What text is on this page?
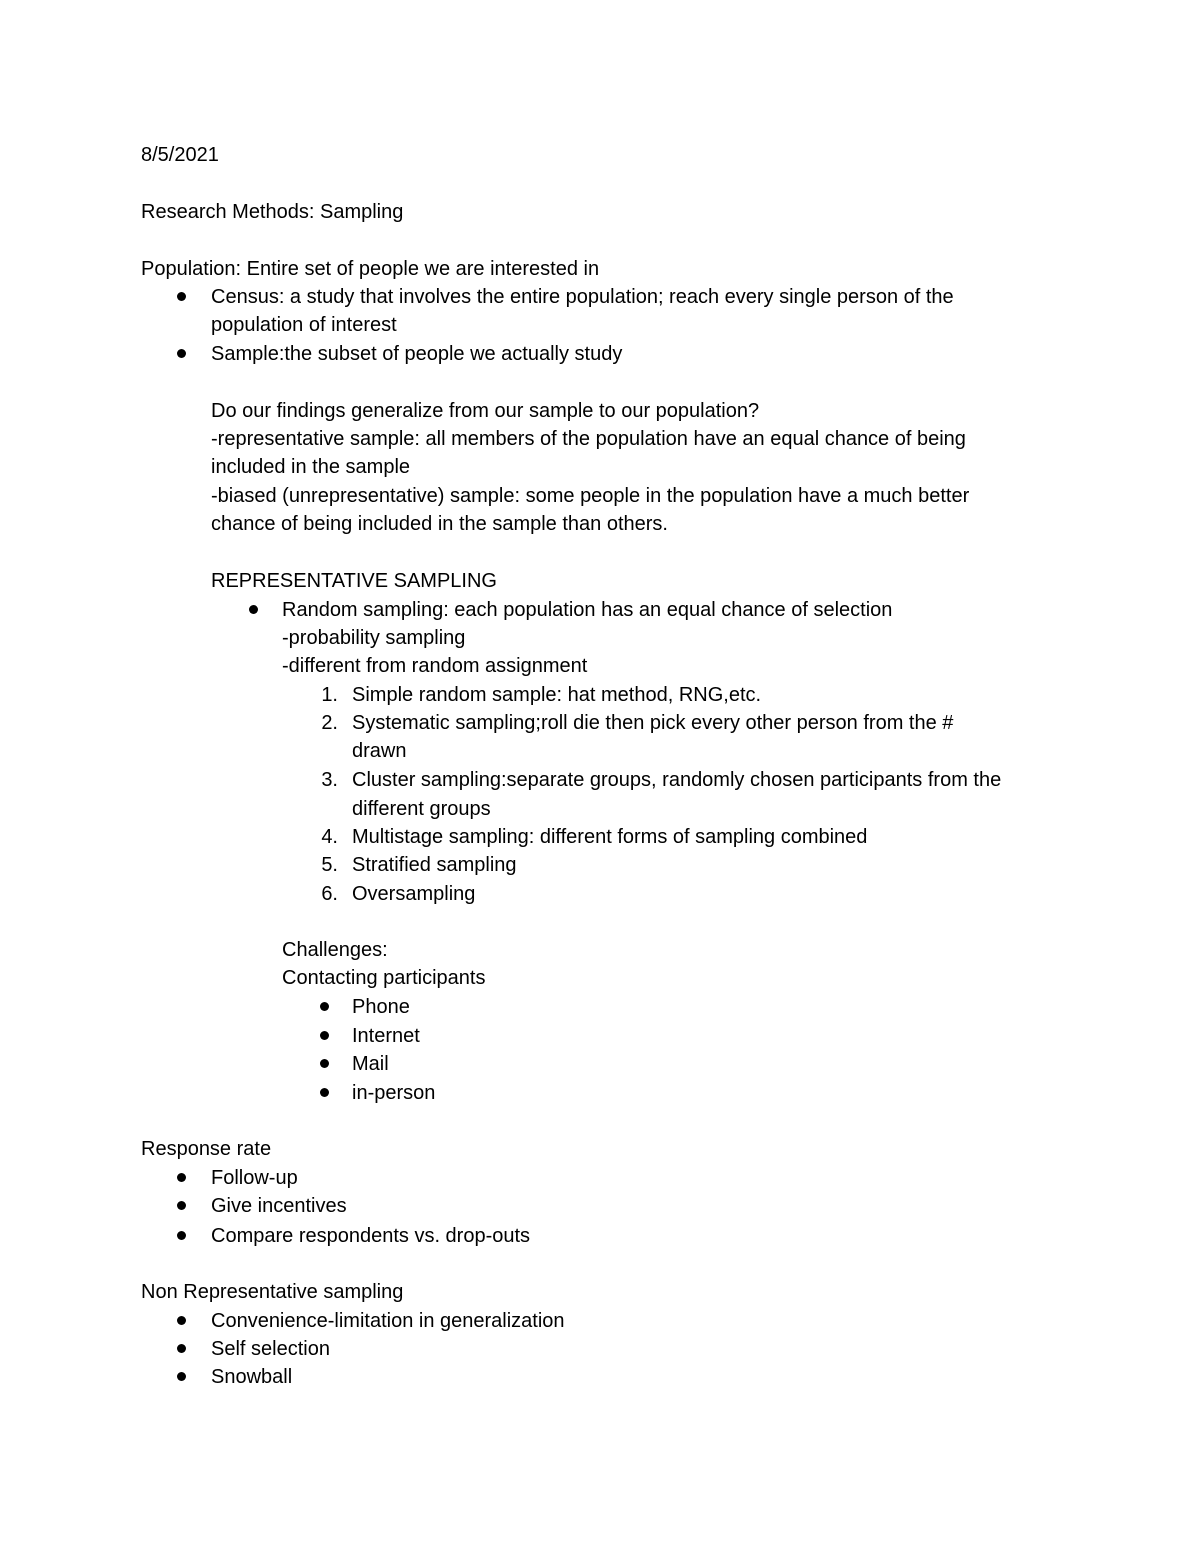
8/5/2021
Research Methods: Sampling
Population: Entire set of people we are interested in
Census: a study that involves the entire population; reach every single person of the
population of interest
Sample:the subset of people we actually study
Do our findings generalize from our sample to our population?
-representative sample: all members of the population have an equal chance of being
included in the sample
-biased (unrepresentative) sample: some people in the population have a much better
chance of being included in the sample than others.
REPRESENTATIVE SAMPLING
Random sampling: each population has an equal chance of selection
-probability sampling
-different from random assignment
1. Simple random sample: hat method, RNG,etc.
2. Systematic sampling;roll die then pick every other person from the #
drawn
3. Cluster sampling:separate groups, randomly chosen participants from the
different groups
4. Multistage sampling: different forms of sampling combined
5. Stratified sampling
6. Oversampling
Challenges:
Contacting participants
Phone
Internet
Mail
in-person
Response rate
Follow-up
Give incentives
Compare respondents vs. drop-outs
Non Representative sampling
Convenience-limitation in generalization
Self selection
Snowball
